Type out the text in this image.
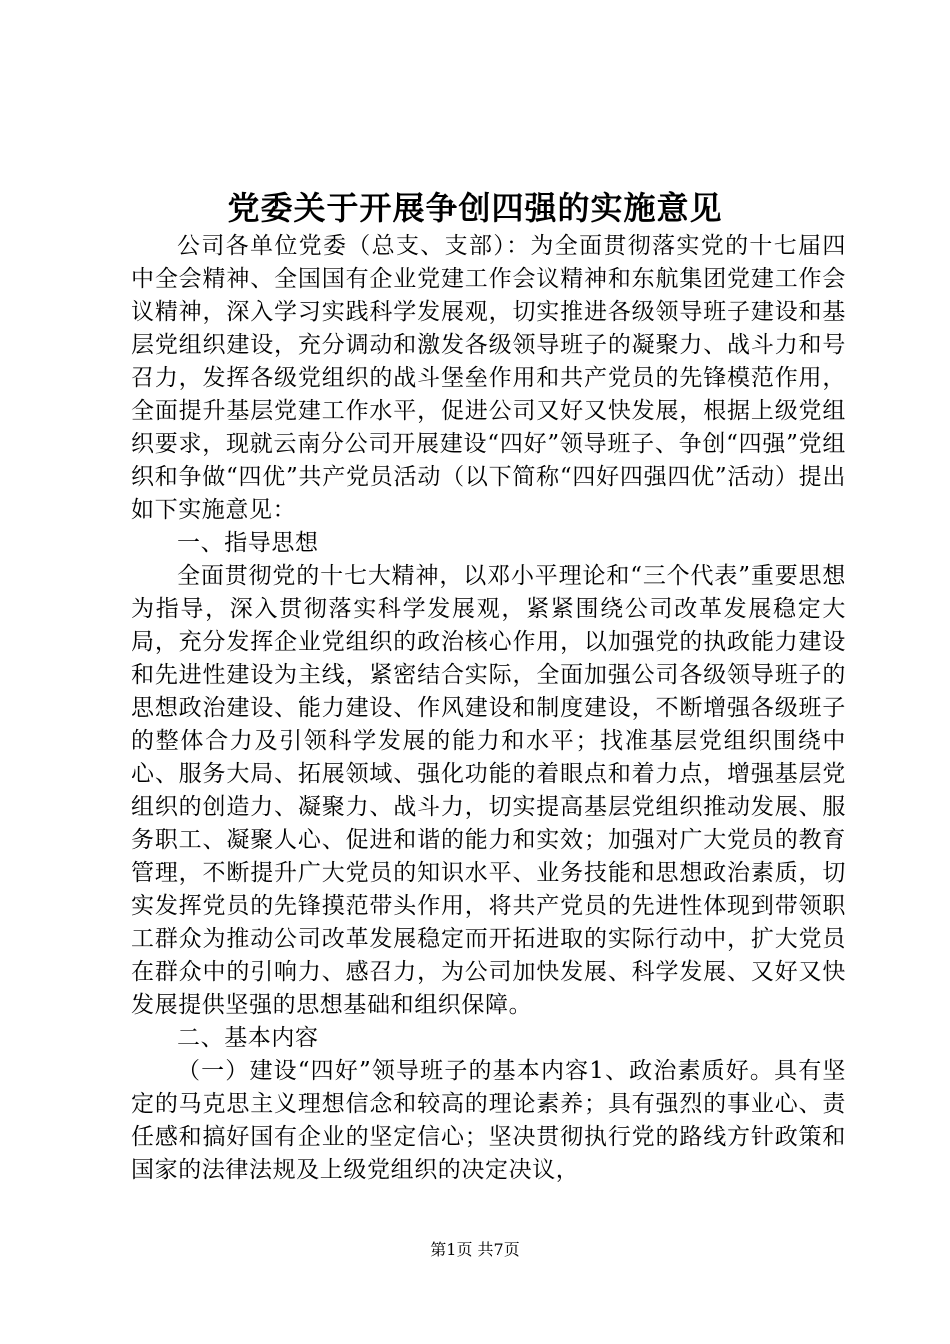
党委关于开展争创四强的实施意见

公司各单位党委（总支、支部）：为全面贯彻落实党的十七届四中全会精神、全国国有企业党建工作会议精神和东航集团党建工作会议精神，深入学习实践科学发展观，切实推进各级领导班子建设和基层党组织建设，充分调动和激发各级领导班子的凝聚力、战斗力和号召力，发挥各级党组织的战斗堡垒作用和共产党员的先锋模范作用，全面提升基层党建工作水平，促进公司又好又快发展，根据上级党组织要求，现就云南分公司开展建设“四好”领导班子、争创“四强”党组织和争做“四优”共产党员活动（以下简称“四好四强四优”活动）提出如下实施意见：

一、指导思想

全面贯彻党的十七大精神，以邓小平理论和“三个代表”重要思想为指导，深入贯彻落实科学发展观，紧紧围绕公司改革发展稳定大局，充分发挥企业党组织的政治核心作用，以加强党的执政能力建设和先进性建设为主线，紧密结合实际，全面加强公司各级领导班子的思想政治建设、能力建设、作风建设和制度建设，不断增强各级班子的整体合力及引领科学发展的能力和水平；找准基层党组织围绕中心、服务大局、拓展领域、强化功能的着眼点和着力点，增强基层党组织的创造力、凝聚力、战斗力，切实提高基层党组织推动发展、服务职工、凝聚人心、促进和谐的能力和实效；加强对广大党员的教育管理，不断提升广大党员的知识水平、业务技能和思想政治素质，切实发挥党员的先锋摸范带头作用，将共产党员的先进性体现到带领职工群众为推动公司改革发展稳定而开拓进取的实际行动中，扩大党员在群众中的引响力、感召力，为公司加快发展、科学发展、又好又快发展提供坚强的思想基础和组织保障。

二、基本内容

（一）建设“四好”领导班子的基本内容1、政治素质好。具有坚定的马克思主义理想信念和较高的理论素养；具有强烈的事业心、责任感和搞好国有企业的坚定信心；坚决贯彻执行党的路线方针政策和国家的法律法规及上级党组织的决定决议，

第1页 共7页
